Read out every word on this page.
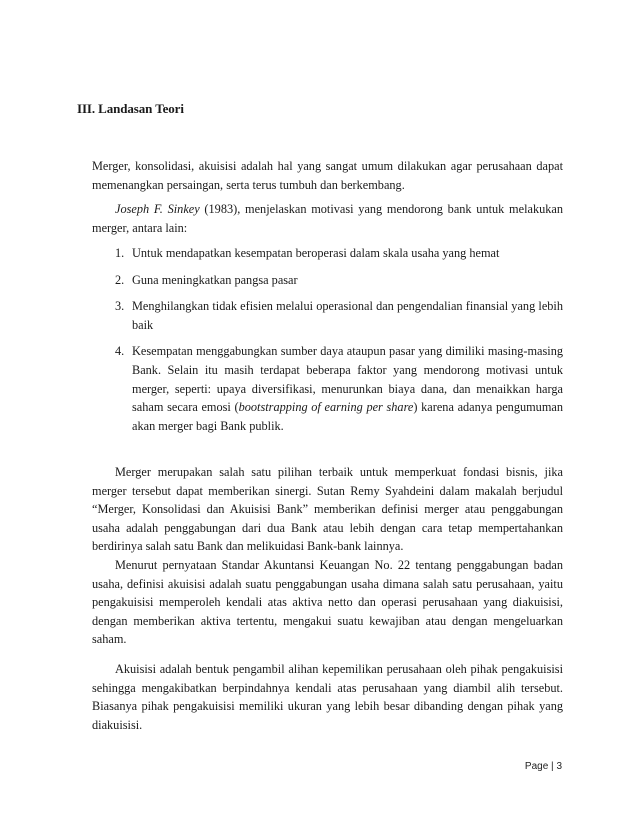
III. Landasan Teori

Merger, konsolidasi, akuisisi adalah hal yang sangat umum dilakukan agar perusahaan dapat memenangkan persaingan, serta terus tumbuh dan berkembang.

Joseph F. Sinkey (1983), menjelaskan motivasi yang mendorong bank untuk melakukan merger, antara lain:

1. Untuk mendapatkan kesempatan beroperasi dalam skala usaha yang hemat
2. Guna meningkatkan pangsa pasar
3. Menghilangkan tidak efisien melalui operasional dan pengendalian finansial yang lebih baik
4. Kesempatan menggabungkan sumber daya ataupun pasar yang dimiliki masing-masing Bank. Selain itu masih terdapat beberapa faktor yang mendorong motivasi untuk merger, seperti: upaya diversifikasi, menurunkan biaya dana, dan menaikkan harga saham secara emosi (bootstrapping of earning per share) karena adanya pengumuman akan merger bagi Bank publik.

Merger merupakan salah satu pilihan terbaik untuk memperkuat fondasi bisnis, jika merger tersebut dapat memberikan sinergi. Sutan Remy Syahdeini dalam makalah berjudul “Merger, Konsolidasi dan Akuisisi Bank” memberikan definisi merger atau penggabungan usaha adalah penggabungan dari dua Bank atau lebih dengan cara tetap mempertahankan berdirinya salah satu Bank dan melikuidasi Bank-bank lainnya.

Menurut pernyataan Standar Akuntansi Keuangan No. 22 tentang penggabungan badan usaha, definisi akuisisi adalah suatu penggabungan usaha dimana salah satu perusahaan, yaitu pengakuisisi memperoleh kendali atas aktiva netto dan operasi perusahaan yang diakuisisi, dengan memberikan aktiva tertentu, mengakui suatu kewajiban atau dengan mengeluarkan saham.

Akuisisi adalah bentuk pengambil alihan kepemilikan perusahaan oleh pihak pengakuisisi sehingga mengakibatkan berpindahnya kendali atas perusahaan yang diambil alih tersebut. Biasanya pihak pengakuisisi memiliki ukuran yang lebih besar dibanding dengan pihak yang diakuisisi.

Page | 3
